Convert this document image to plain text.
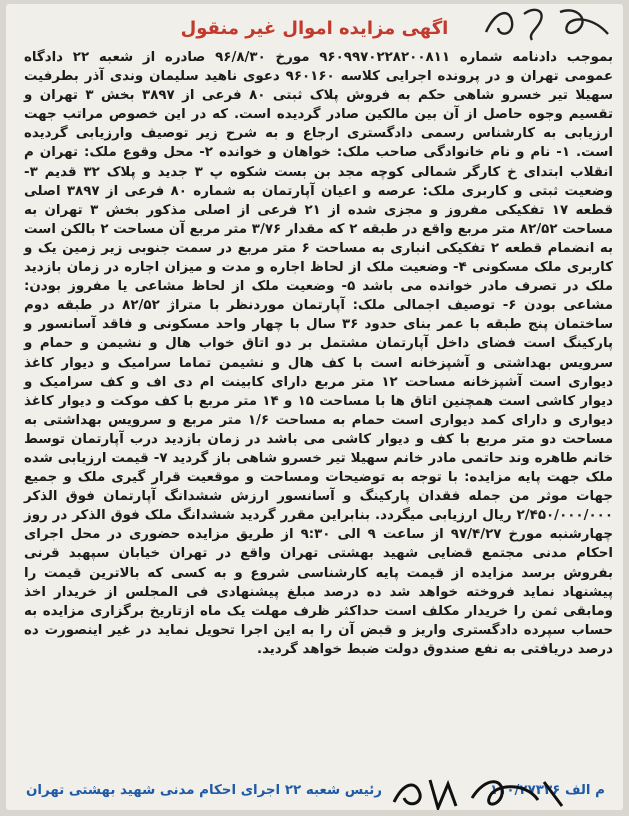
اگهی مزایده اموال غیر منقول

بموجب دادنامه شماره ۹۶۰۹۹۷۰۲۲۸۲۰۰۸۱۱ مورخ ۹۶/۸/۳۰ صادره از شعبه ۲۲ دادگاه عمومی تهران و در پرونده اجرایی کلاسه ۹۶۰۱۶۰ دعوی ناهید سلیمان وندی آذر بطرفیت سهیلا تیر خسرو شاهی حکم به فروش پلاک ثبتی ۸۰ فرعی از ۳۸۹۷ بخش ۳ تهران و تقسیم وجوه حاصل از آن بین مالکین صادر گردیده است. که در این خصوص مراتب جهت ارزیابی به کارشناس رسمی دادگستری ارجاع و به شرح زیر توصیف وارزیابی گردیده است. ۱- نام و نام خانوادگی صاحب ملک: خواهان و خوانده ۲- محل وقوع ملک: تهران م انقلاب ابتدای خ کارگر شمالی کوچه مجد بن بست شکوه پ ۳ جدید و پلاک ۳۲ قدیم ۳- وضعیت ثبتی و کاربری ملک: عرصه و اعیان آپارتمان به شماره ۸۰ فرعی از ۳۸۹۷ اصلی قطعه ۱۷ تفکیکی مفروز و مجزی شده از ۲۱ فرعی از اصلی مذکور بخش ۳ تهران به مساحت ۸۲/۵۲ متر مربع واقع در طبقه ۲ که مقدار ۳/۷۶ متر مربع آن مساحت ۲ بالکن است به انضمام قطعه ۲ تفکیکی انباری به مساحت ۶ متر مربع در سمت جنوبی زیر زمین یک و کاربری ملک مسکونی ۴- وضعیت ملک از لحاظ اجاره و مدت و میزان اجاره در زمان بازدید ملک در تصرف مادر خوانده می باشد ۵- وضعیت ملک از لحاظ مشاعی یا مفروز بودن: مشاعی بودن ۶- توصیف اجمالی ملک: آپارتمان موردنظر با متراژ ۸۲/۵۲ در طبقه دوم ساختمان پنج طبقه با عمر بنای حدود ۳۶ سال با چهار واحد مسکونی و فاقد آسانسور و پارکینگ است فضای داخل آپارتمان مشتمل بر دو اتاق خواب هال و نشیمن و حمام و سرویس بهداشتی و آشپزخانه است با کف هال و نشیمن تماما سرامیک و دیوار کاغذ دیواری است آشپزخانه مساحت ۱۲ متر مربع دارای کابینت ام دی اف و کف سرامیک و دیوار کاشی است همچنین اتاق ها با مساحت ۱۵ و ۱۴ متر مربع با کف موکت و دیوار کاغذ دیواری و دارای کمد دیواری است حمام به مساحت ۱/۶ متر مربع و سرویس بهداشتی به مساحت دو متر مربع با کف و دیوار کاشی می باشد در زمان بازدید درب آپارتمان توسط خانم طاهره وند حاتمی مادر خانم سهیلا تیر خسرو شاهی باز گردید ۷- قیمت ارزیابی شده ملک جهت پایه مزایده: با توجه به توضیحات ومساحت و موقعیت قرار گیری ملک و جمیع جهات موثر من جمله فقدان پارکینگ و آسانسور ارزش ششدانگ آپارتمان فوق الذکر ۲/۴۵۰/۰۰۰/۰۰۰ ریال ارزیابی میگردد. بنابراین مقرر گردید ششدانگ ملک فوق الذکر در روز چهارشنبه مورخ ۹۷/۴/۲۷ از ساعت ۹ الی ۹:۳۰ از طریق مزایده حضوری در محل اجرای احکام مدنی مجتمع قضایی شهید بهشتی تهران واقع در تهران خیابان سپهبد قرنی بفروش برسد مزایده از قیمت پایه کارشناسی شروع و به کسی که بالاترین قیمت را پیشنهاد نماید فروخته خواهد شد ده درصد مبلغ پیشنهادی فی المجلس از خریدار اخذ ومابقی ثمن را خریدار مکلف است حداکثر ظرف مهلت یک ماه ازتاریخ برگزاری مزایده به حساب سپرده دادگستری واریز و قبض آن را به این اجرا تحویل نماید در غیر اینصورت ده درصد دریافتی به نفع صندوق دولت ضبط خواهد گردید.

رئیس شعبه ۲۲ اجرای احکام مدنی شهید بهشتی تهران	م الف ۱۱۰/۲۷۳۳۶
